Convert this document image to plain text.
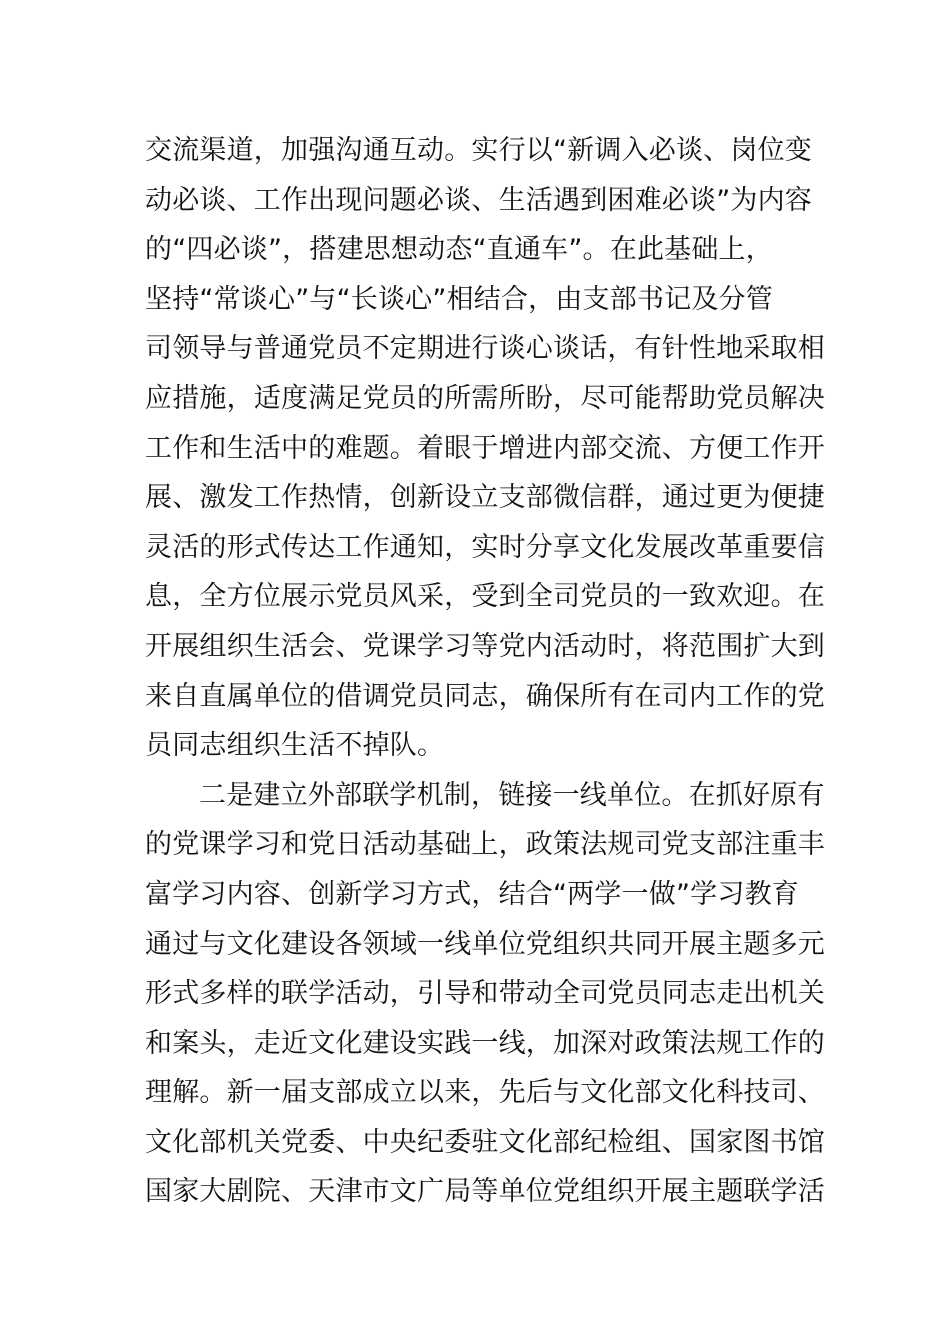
交流渠道，加强沟通互动。实行以“新调入必谈、岗位变
动必谈、工作出现问题必谈、生活遇到困难必谈”为内容
的“四必谈”，搭建思想动态“直通车”。在此基础上，
坚持“常谈心”与“长谈心”相结合，由支部书记及分管
司领导与普通党员不定期进行谈心谈话，有针性地采取相
应措施，适度满足党员的所需所盼，尽可能帮助党员解决
工作和生活中的难题。着眼于增进内部交流、方便工作开
展、激发工作热情，创新设立支部微信群，通过更为便捷
灵活的形式传达工作通知，实时分享文化发展改革重要信
息，全方位展示党员风采，受到全司党员的一致欢迎。在
开展组织生活会、党课学习等党内活动时，将范围扩大到
来自直属单位的借调党员同志，确保所有在司内工作的党
员同志组织生活不掉队。
二是建立外部联学机制，链接一线单位。在抓好原有
的党课学习和党日活动基础上，政策法规司党支部注重丰
富学习内容、创新学习方式，结合“两学一做”学习教育
通过与文化建设各领域一线单位党组织共同开展主题多元
形式多样的联学活动，引导和带动全司党员同志走出机关
和案头，走近文化建设实践一线，加深对政策法规工作的
理解。新一届支部成立以来，先后与文化部文化科技司、
文化部机关党委、中央纪委驻文化部纪检组、国家图书馆
国家大剧院、天津市文广局等单位党组织开展主题联学活
